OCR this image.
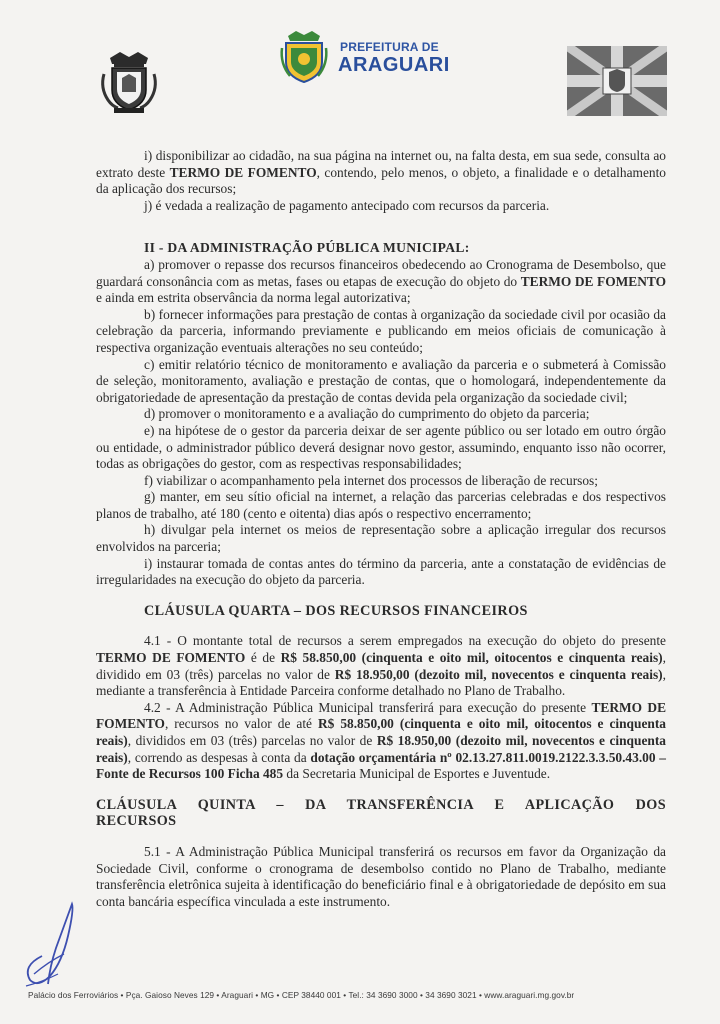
PREFEITURA DE
ARAGUARI

i) disponibilizar ao cidadão, na sua página na internet ou, na falta desta, em sua sede, consulta ao extrato deste TERMO DE FOMENTO, contendo, pelo menos, o objeto, a finalidade e o detalhamento da aplicação dos recursos;

j) é vedada a realização de pagamento antecipado com recursos da parceria.

II - DA ADMINISTRAÇÃO PÚBLICA MUNICIPAL:

a) promover o repasse dos recursos financeiros obedecendo ao Cronograma de Desembolso, que guardará consonância com as metas, fases ou etapas de execução do objeto do TERMO DE FOMENTO e ainda em estrita observância da norma legal autorizativa;

b) fornecer informações para prestação de contas à organização da sociedade civil por ocasião da celebração da parceria, informando previamente e publicando em meios oficiais de comunicação à respectiva organização eventuais alterações no seu conteúdo;

c) emitir relatório técnico de monitoramento e avaliação da parceria e o submeterá à Comissão de seleção, monitoramento, avaliação e prestação de contas, que o homologará, independentemente da obrigatoriedade de apresentação da prestação de contas devida pela organização da sociedade civil;

d) promover o monitoramento e a avaliação do cumprimento do objeto da parceria;

e) na hipótese de o gestor da parceria deixar de ser agente público ou ser lotado em outro órgão ou entidade, o administrador público deverá designar novo gestor, assumindo, enquanto isso não ocorrer, todas as obrigações do gestor, com as respectivas responsabilidades;

f) viabilizar o acompanhamento pela internet dos processos de liberação de recursos;

g) manter, em seu sítio oficial na internet, a relação das parcerias celebradas e dos respectivos planos de trabalho, até 180 (cento e oitenta) dias após o respectivo encerramento;

h) divulgar pela internet os meios de representação sobre a aplicação irregular dos recursos envolvidos na parceria;

i) instaurar tomada de contas antes do término da parceria, ante a constatação de evidências de irregularidades na execução do objeto da parceria.

CLÁUSULA QUARTA – DOS RECURSOS FINANCEIROS

4.1 - O montante total de recursos a serem empregados na execução do objeto do presente TERMO DE FOMENTO é de R$ 58.850,00 (cinquenta e oito mil, oitocentos e cinquenta reais), dividido em 03 (três) parcelas no valor de R$ 18.950,00 (dezoito mil, novecentos e cinquenta reais), mediante a transferência à Entidade Parceira conforme detalhado no Plano de Trabalho.

4.2 - A Administração Pública Municipal transferirá para execução do presente TERMO DE FOMENTO, recursos no valor de até R$ 58.850,00 (cinquenta e oito mil, oitocentos e cinquenta reais), divididos em 03 (três) parcelas no valor de R$ 18.950,00 (dezoito mil, novecentos e cinquenta reais), correndo as despesas à conta da dotação orçamentária nº 02.13.27.811.0019.2122.3.3.50.43.00 –Fonte de Recursos 100 Ficha 485 da Secretaria Municipal de Esportes e Juventude.

CLÁUSULA QUINTA – DA TRANSFERÊNCIA E APLICAÇÃO DOS RECURSOS

5.1 - A Administração Pública Municipal transferirá os recursos em favor da Organização da Sociedade Civil, conforme o cronograma de desembolso contido no Plano de Trabalho, mediante transferência eletrônica sujeita à identificação do beneficiário final e à obrigatoriedade de depósito em sua conta bancária específica vinculada a este instrumento.

Palácio dos Ferroviários • Pça. Gaioso Neves 129 • Araguari • MG • CEP 38440 001 • Tel.: 34 3690 3000 • 34 3690 3021 • www.araguari.mg.gov.br
